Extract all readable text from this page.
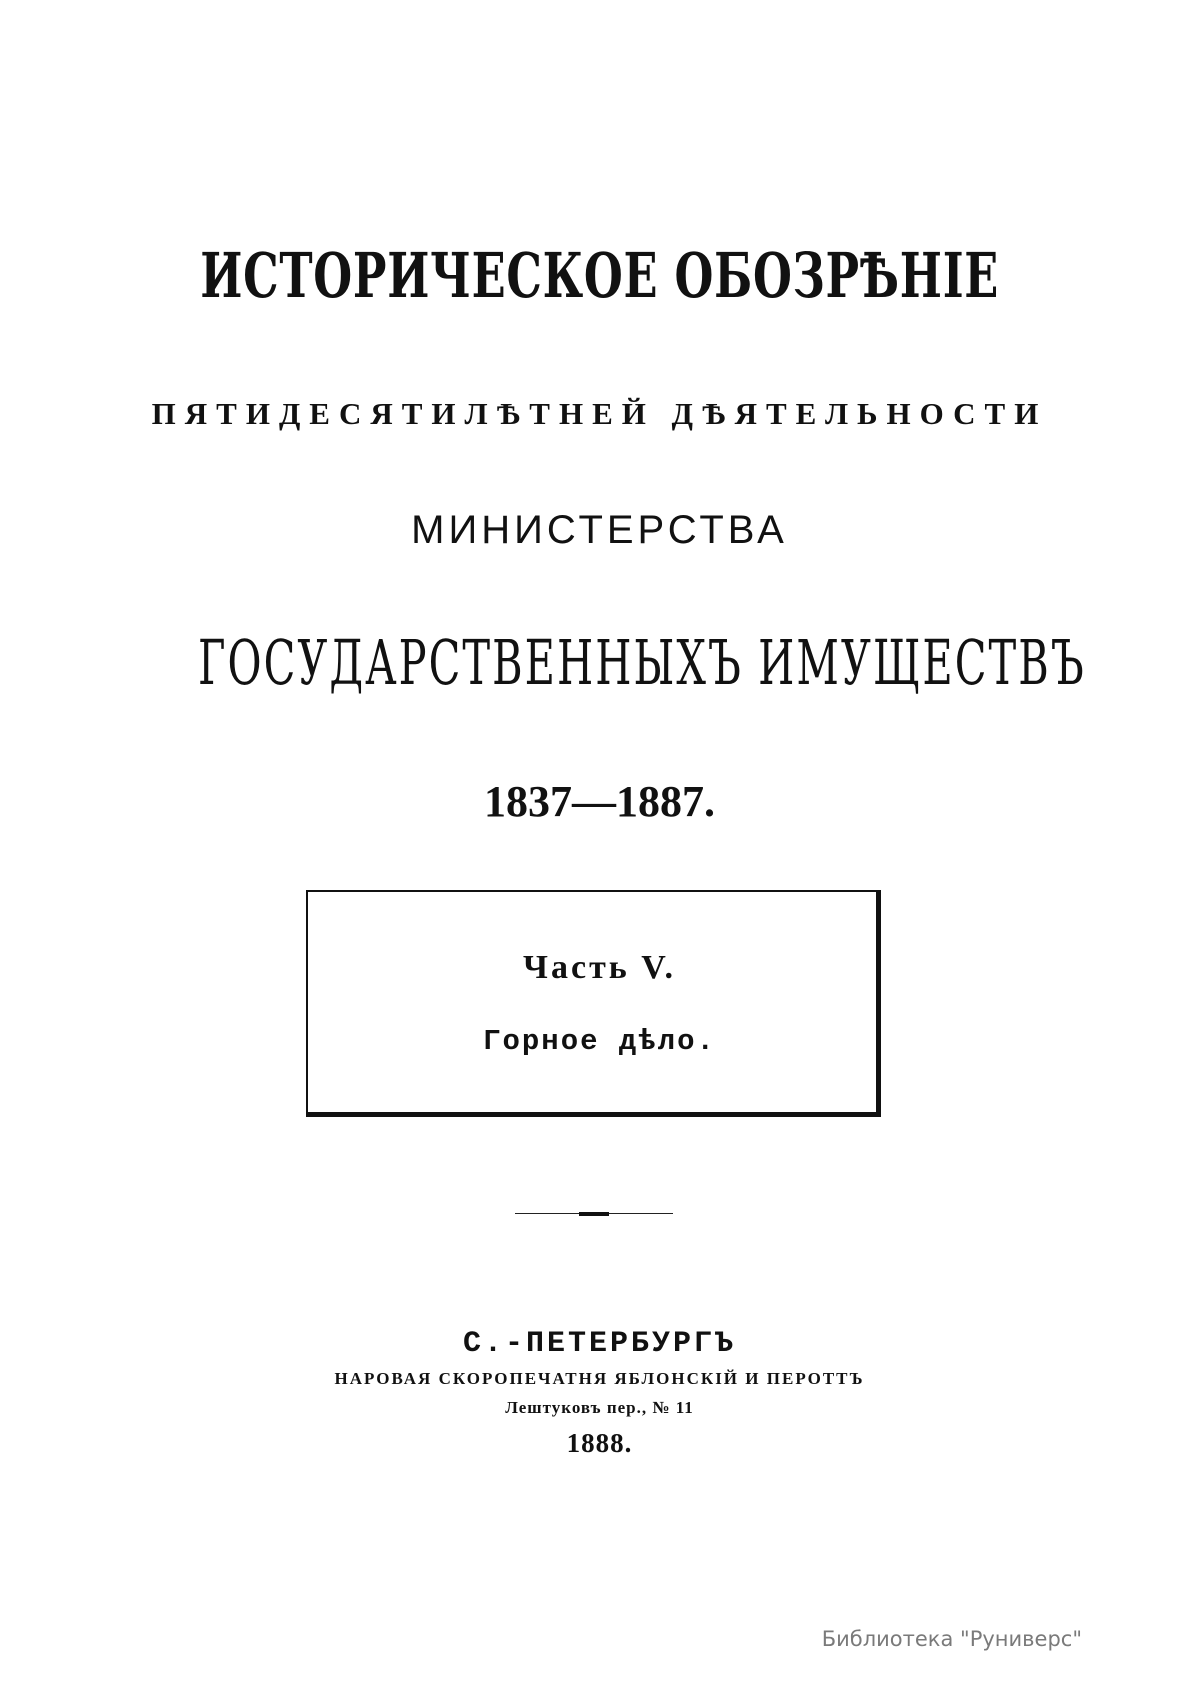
ИСТОРИЧЕСКОЕ ОБОЗРѢНІЕ
ПЯТИДЕСЯТИЛѢТНЕЙ ДѢЯТЕЛЬНОСТИ
МИНИСТЕРСТВА
ГОСУДАРСТВЕННЫХЪ ИМУЩЕСТВЪ
1837—1887.
Часть V.
Горное дѣло.
С.-ПЕТЕРБУРГЪ
НАРОВАЯ СКОРОПЕЧАТНЯ ЯБЛОНСКІЙ И ПЕРОТТЪ
Лештуковъ пер., № 11
1888.
Библиотека "Руниверс"
